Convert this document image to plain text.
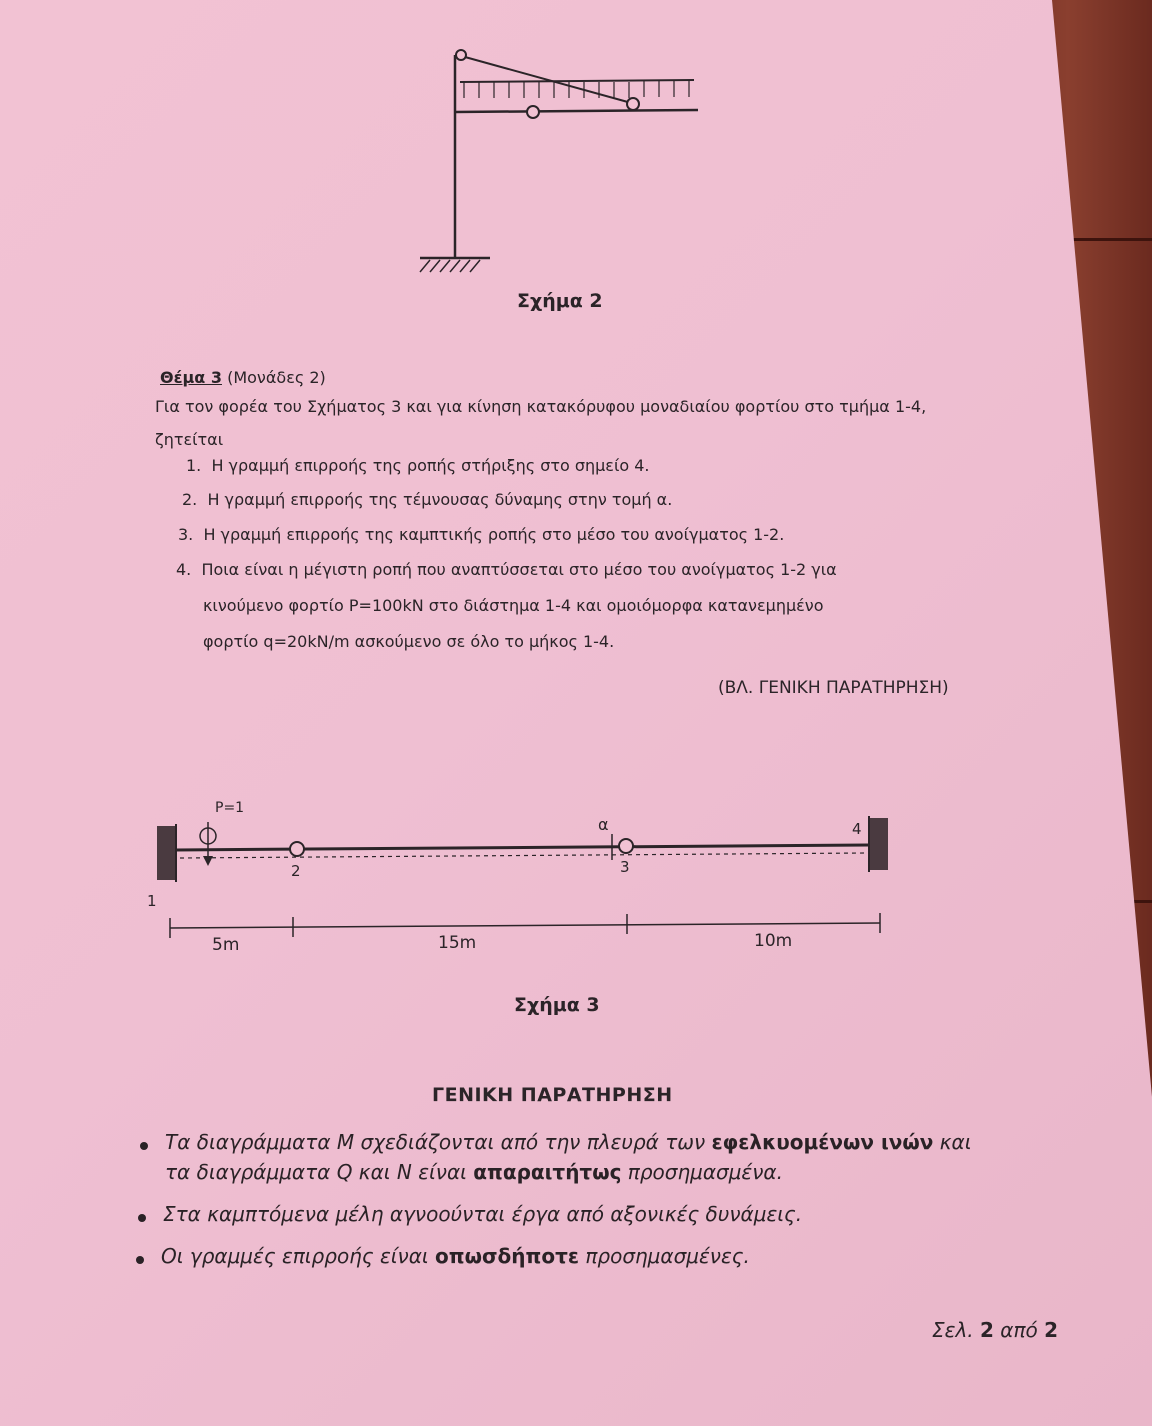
Σχήμα 2
Θέμα 3 (Μονάδες 2)
Για τον φορέα του Σχήματος 3 και για κίνηση κατακόρυφου μοναδιαίου φορτίου στο τμήμα 1-4, ζητείται
1. Η γραμμή επιρροής της ροπής στήριξης στο σημείο 4.
2. Η γραμμή επιρροής της τέμνουσας δύναμης στην τομή α.
3. Η γραμμή επιρροής της καμπτικής ροπής στο μέσο του ανοίγματος 1-2.
4. Ποια είναι η μέγιστη ροπή που αναπτύσσεται στο μέσο του ανοίγματος 1-2 για
κινούμενο φορτίο P=100kN στο διάστημα 1-4 και ομοιόμορφα κατανεμημένο
φορτίο q=20kN/m ασκούμενο σε όλο το μήκος 1-4.
(ΒΛ. ΓΕΝΙΚΗ ΠΑΡΑΤΗΡΗΣΗ)
P=1
α
1
2	3
4
5m	15m	10m
Σχήμα 3
ΓΕΝΙΚΗ ΠΑΡΑΤΗΡΗΣΗ
Τα διαγράμματα Μ σχεδιάζονται από την πλευρά των εφελκυομένων ινών και
τα διαγράμματα Q και N είναι απαραιτήτως προσημασμένα.
Στα καμπτόμενα μέλη αγνοούνται έργα από αξονικές δυνάμεις.
Οι γραμμές επιρροής είναι οπωσδήποτε προσημασμένες.
Σελ. 2 από 2
